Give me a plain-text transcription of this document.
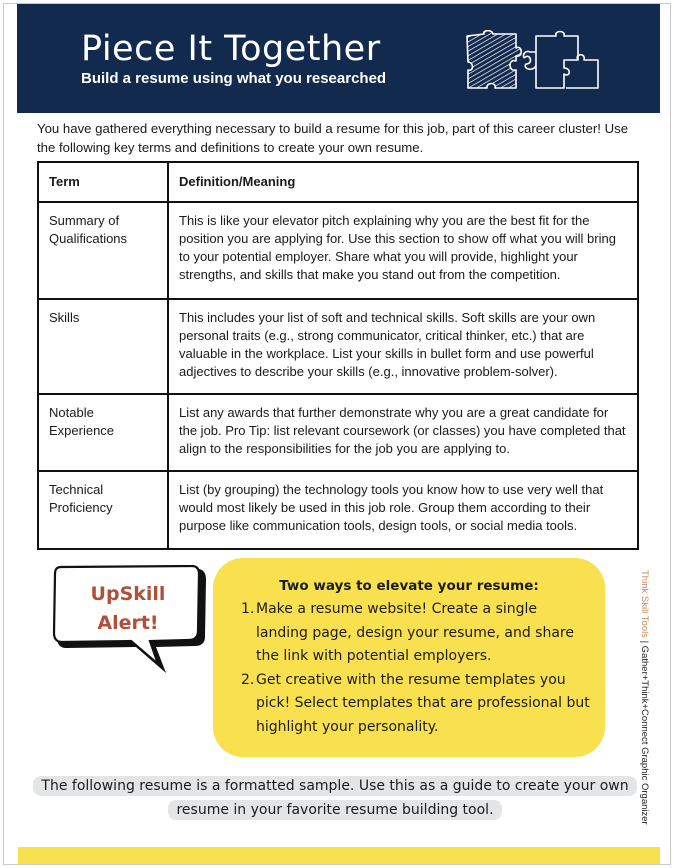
Piece It Together
Build a resume using what you researched
You have gathered everything necessary to build a resume for this job, part of this career cluster! Use the following key terms and definitions to create your own resume.
Term	Definition/Meaning
Summary of Qualifications	This is like your elevator pitch explaining why you are the best fit for the position you are applying for. Use this section to show off what you will bring to your potential employer. Share what you will provide, highlight your strengths, and skills that make you stand out from the competition.
Skills	This includes your list of soft and technical skills. Soft skills are your own personal traits (e.g., strong communicator, critical thinker, etc.) that are valuable in the workplace. List your skills in bullet form and use powerful adjectives to describe your skills (e.g., innovative problem-solver).
Notable Experience	List any awards that further demonstrate why you are a great candidate for the job. Pro Tip: list relevant coursework (or classes) you have completed that align to the responsibilities for the job you are applying to.
Technical Proficiency	List (by grouping) the technology tools you know how to use very well that would most likely be used in this job role. Group them according to their purpose like communication tools, design tools, or social media tools.
UpSkill
Alert!
Two ways to elevate your resume:
1. Make a resume website! Create a single landing page, design your resume, and share the link with potential employers.
2. Get creative with the resume templates you pick! Select templates that are professional but highlight your personality.
Think Skill Tools | Gather+Think+Connect Graphic Organizer
The following resume is a formatted sample. Use this as a guide to create your own
resume in your favorite resume building tool.
